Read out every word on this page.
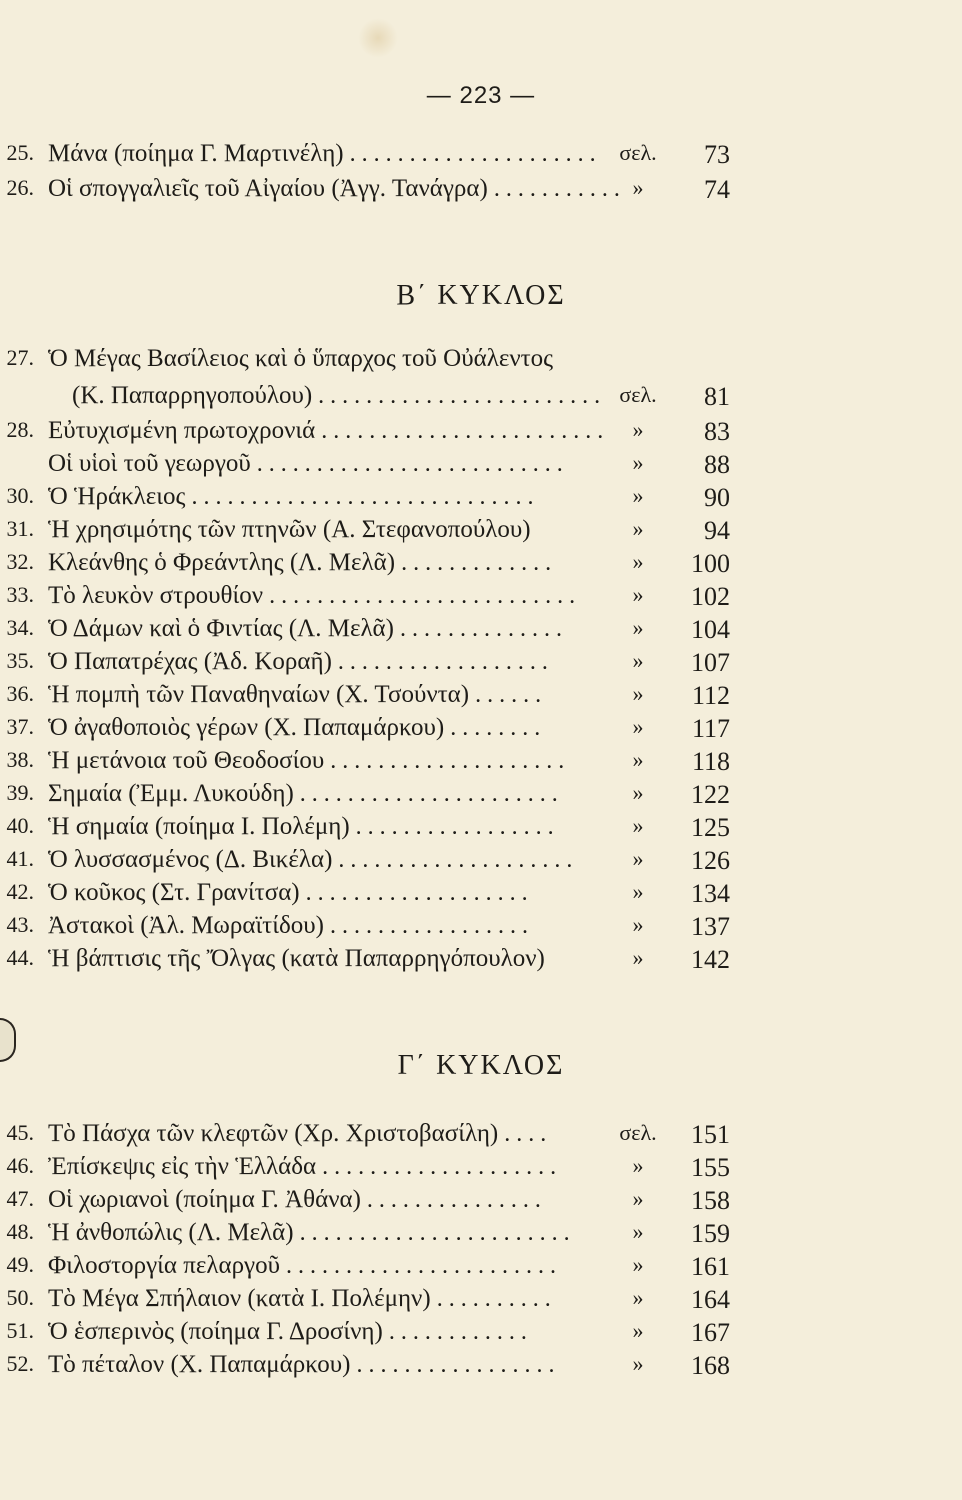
— 223 —
25. Μάνα (ποίημα Γ. Μαρτινέλη) . . . . . . . . . . . . . . . . . . . . .	σελ.	73
26. Οἱ σπογγαλιεῖς τοῦ Αἰγαίου (Ἀγγ. Τανάγρα) . . . . . . . . . . . »	74
Β΄ ΚΥΚΛΟΣ
27. Ὁ Μέγας Βασίλειος καὶ ὁ ὕπαρχος τοῦ Οὐάλεντος
(Κ. Παπαρρηγοπούλου) . . . . . . . . . . . . . . . . . . . . . . . . σελ.	81
28. Εὐτυχισμένη πρωτοχρονιά . . . . . . . . . . . . . . . . . . . . . . . .	»	83
Οἱ υἱοὶ τοῦ γεωργοῦ . . . . . . . . . . . . . . . . . . . . . . . . . .	»	88
30. Ὁ Ἡράκλειος . . . . . . . . . . . . . . . . . . . . . . . . . . . . .	»	90
31. Ἡ χρησιμότης τῶν πτηνῶν (Α. Στεφανοπούλου)	»	94
32. Κλεάνθης ὁ Φρεάντλης (Λ. Μελᾶ) . . . . . . . . . . . . .	»	100
33. Τὸ λευκὸν στρουθίον . . . . . . . . . . . . . . . . . . . . . . . . . .	»	102
34. Ὁ Δάμων καὶ ὁ Φιντίας (Λ. Μελᾶ) . . . . . . . . . . . . . .	»	104
35. Ὁ Παπατρέχας (Ἀδ. Κοραῆ) . . . . . . . . . . . . . . . . . .	»	107
36. Ἡ πομπὴ τῶν Παναθηναίων (Χ. Τσούντα) . . . . . .	»	112
37. Ὁ ἀγαθοποιὸς γέρων (Χ. Παπαμάρκου) . . . . . . . .	»	117
38. Ἡ μετάνοια τοῦ Θεοδοσίου . . . . . . . . . . . . . . . . . . . .	»	118
39. Σημαία (Ἐμμ. Λυκούδη) . . . . . . . . . . . . . . . . . . . . . .	»	122
40. Ἡ σημαία (ποίημα Ι. Πολέμη) . . . . . . . . . . . . . . . . .	»	125
41. Ὁ λυσσασμένος (Δ. Βικέλα) . . . . . . . . . . . . . . . . . . . .	»	126
42. Ὁ κοῦκος (Στ. Γρανίτσα) . . . . . . . . . . . . . . . . . . .	»	134
43. Ἀστακοὶ (Ἀλ. Μωραϊτίδου) . . . . . . . . . . . . . . . . .	»	137
44. Ἡ βάπτισις τῆς Ὄλγας (κατὰ Παπαρρηγόπουλον)	»	142
Γ΄ ΚΥΚΛΟΣ
45. Τὸ Πάσχα τῶν κλεφτῶν (Χρ. Χριστοβασίλη) . . . .	σελ.	151
46. Ἐπίσκεψις εἰς τὴν Ἑλλάδα . . . . . . . . . . . . . . . . . . . .	»	155
47. Οἱ χωριανοὶ (ποίημα Γ. Ἀθάνα) . . . . . . . . . . . . . . .	»	158
48. Ἡ ἀνθοπώλις (Λ. Μελᾶ) . . . . . . . . . . . . . . . . . . . . . . .	»	159
49. Φιλοστοργία πελαργοῦ . . . . . . . . . . . . . . . . . . . . . . .	»	161
50. Τὸ Μέγα Σπήλαιον (κατὰ Ι. Πολέμην) . . . . . . . . . .	»	164
51. Ὁ ἑσπερινὸς (ποίημα Γ. Δροσίνη) . . . . . . . . . . . .	»	167
52. Τὸ πέταλον (Χ. Παπαμάρκου) . . . . . . . . . . . . . . . . .	»	168
